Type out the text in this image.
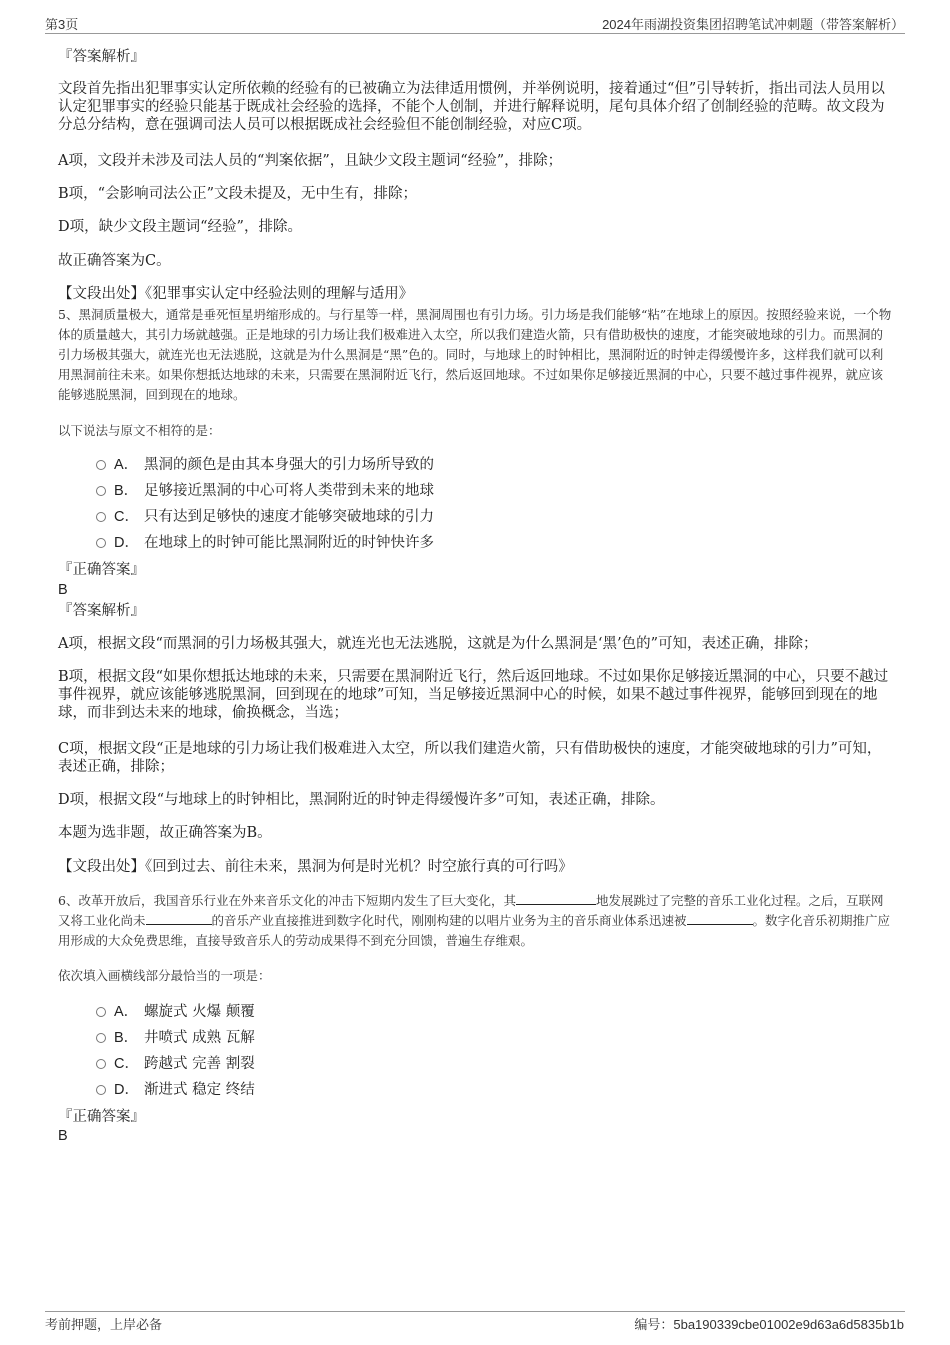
第3页	2024年雨湖投资集团招聘笔试冲刺题（带答案解析）
『答案解析』
文段首先指出犯罪事实认定所依赖的经验有的已被确立为法律适用惯例，并举例说明，接着通过“但”引导转折，指出司法人员用以认定犯罪事实的经验只能基于既成社会经验的选择，不能个人创制，并进行解释说明，尾句具体介绍了创制经验的范畴。故文段为分总分结构，意在强调司法人员可以根据既成社会经验但不能创制经验，对应C项。
A项，文段并未涉及司法人员的“判案依据”，且缺少文段主题词“经验”，排除；
B项，“会影响司法公正”文段未提及，无中生有，排除；
D项，缺少文段主题词“经验”，排除。
故正确答案为C。
【文段出处】《犯罪事实认定中经验法则的理解与适用》
5、黑洞质量极大，通常是垂死恒星坍缩形成的。与行星等一样，黑洞周围也有引力场。引力场是我们能够“粘”在地球上的原因。按照经验来说，一个物体的质量越大，其引力场就越强。正是地球的引力场让我们极难进入太空，所以我们建造火箭，只有借助极快的速度，才能突破地球的引力。而黑洞的引力场极其强大，就连光也无法逃脱，这就是为什么黑洞是“黑”色的。同时，与地球上的时钟相比，黑洞附近的时钟走得缓慢许多，这样我们就可以利用黑洞前往未来。如果你想抵达地球的未来，只需要在黑洞附近飞行，然后返回地球。不过如果你足够接近黑洞的中心，只要不越过事件视界，就应该能够逃脱黑洞，回到现在的地球。
以下说法与原文不相符的是：
A． 黑洞的颜色是由其本身强大的引力场所导致的
B． 足够接近黑洞的中心可将人类带到未来的地球
C． 只有达到足够快的速度才能够突破地球的引力
D． 在地球上的时钟可能比黑洞附近的时钟快许多
『正确答案』
B
『答案解析』
A项，根据文段“而黑洞的引力场极其强大，就连光也无法逃脱，这就是为什么黑洞是‘黑’色的”可知，表述正确，排除；
B项，根据文段“如果你想抵达地球的未来，只需要在黑洞附近飞行，然后返回地球。不过如果你足够接近黑洞的中心，只要不越过事件视界，就应该能够逃脱黑洞，回到现在的地球”可知，当足够接近黑洞中心的时候，如果不越过事件视界，能够回到现在的地球，而非到达未来的地球，偷换概念，当选；
C项，根据文段“正是地球的引力场让我们极难进入太空，所以我们建造火箭，只有借助极快的速度，才能突破地球的引力”可知，表述正确，排除；
D项，根据文段“与地球上的时钟相比，黑洞附近的时钟走得缓慢许多”可知，表述正确，排除。
本题为选非题，故正确答案为B。
【文段出处】《回到过去、前往未来，黑洞为何是时光机？时空旅行真的可行吗》
6、改革开放后，我国音乐行业在外来音乐文化的冲击下短期内发生了巨大变化，其	地发展跳过了完整的音乐工业化过程。之后，互联网又将工业化尚未	的音乐产业直接推进到数字化时代，刚刚构建的以唱片业务为主的音乐商业体系迅速被	。数字化音乐初期推广应用形成的大众免费思维，直接导致音乐人的劳动成果得不到充分回馈，普遍生存维艰。
依次填入画横线部分最恰当的一项是：
A． 螺旋式 火爆 颠覆
B． 井喷式 成熟 瓦解
C． 跨越式 完善 割裂
D． 渐进式 稳定 终结
『正确答案』
B
考前押题，上岸必备	编号：5ba190339cbe01002e9d63a6d5835b1b
